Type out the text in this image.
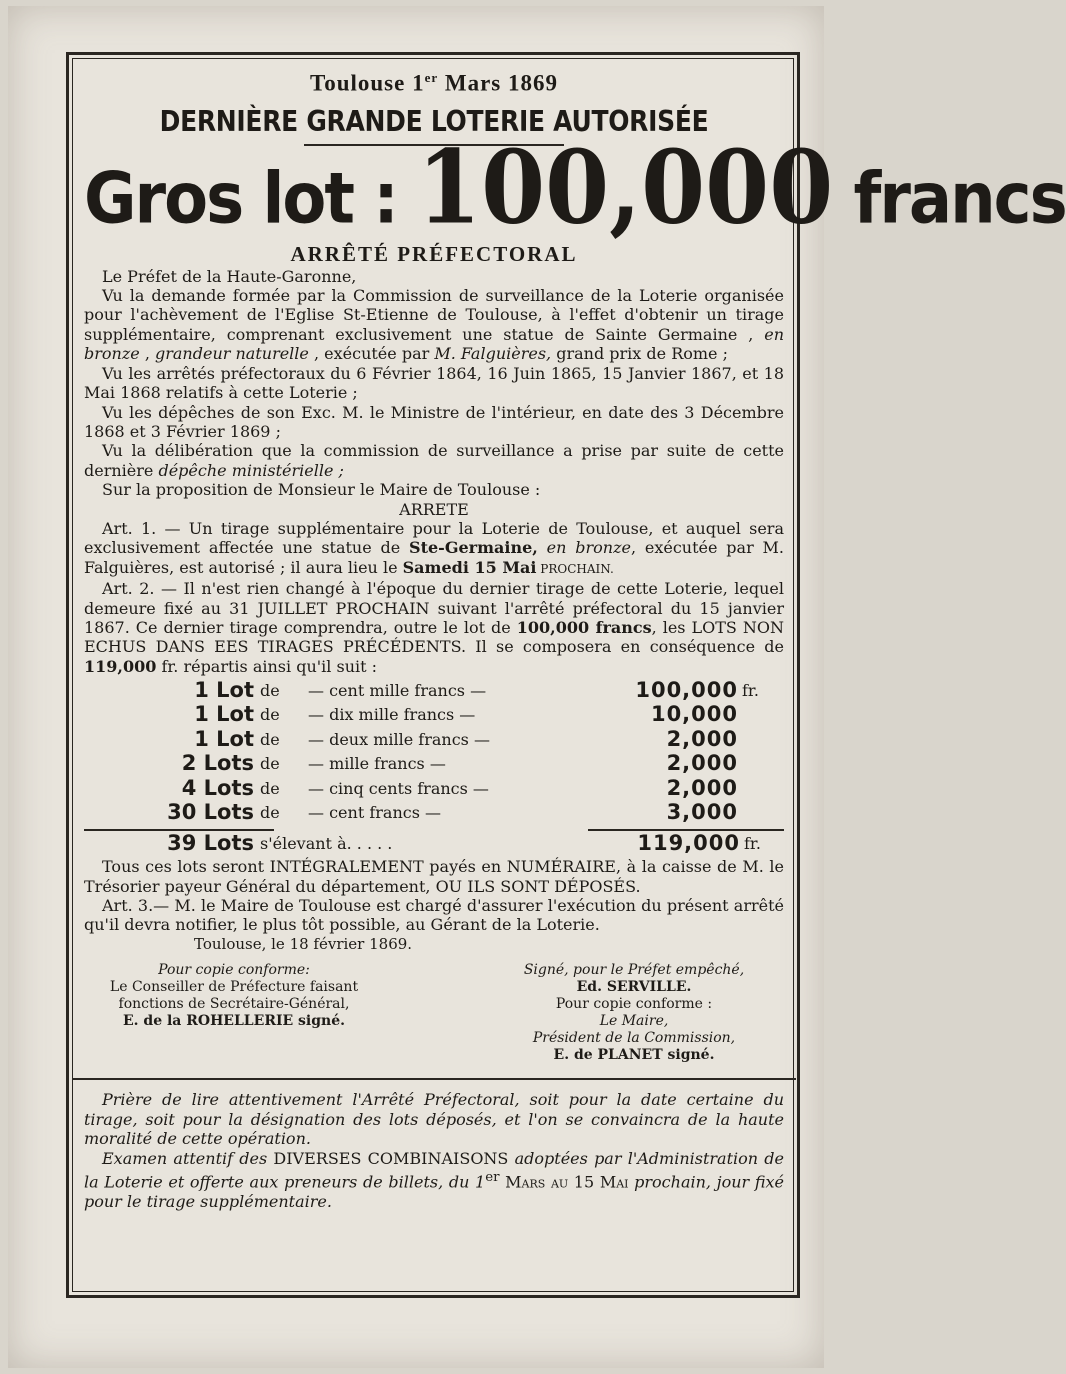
Toulouse 1er Mars 1869
DERNIÈRE GRANDE LOTERIE AUTORISÉE
Gros lot : 100,000 francs
ARRÊTÉ PRÉFECTORAL

Le Préfet de la Haute-Garonne,

Vu la demande formée par la Commission de surveillance de la Loterie organisée pour l'achèvement de l'Eglise St-Etienne de Toulouse, à l'effet d'obtenir un tirage supplémentaire, comprenant exclusivement une statue de Sainte Germaine , en bronze , grandeur naturelle , exécutée par M. Falguières, grand prix de Rome ;

Vu les arrêtés préfectoraux du 6 Février 1864, 16 Juin 1865, 15 Janvier 1867, et 18 Mai 1868 relatifs à cette Loterie ;

Vu les dépêches de son Exc. M. le Ministre de l'intérieur, en date des 3 Décembre 1868 et 3 Février 1869 ;

Vu la délibération que la commission de surveillance a prise par suite de cette dernière dépêche ministérielle ;

Sur la proposition de Monsieur le Maire de Toulouse :

ARRETE

Art. 1. — Un tirage supplémentaire pour la Loterie de Toulouse, et auquel sera exclusivement affectée une statue de Ste-Germaine, en bronze, exécutée par M. Falguières, est autorisé ; il aura lieu le Samedi 15 Mai PROCHAIN.

Art. 2. — Il n'est rien changé à l'époque du dernier tirage de cette Loterie, lequel demeure fixé au 31 JUILLET PROCHAIN suivant l'arrêté préfectoral du 15 janvier 1867. Ce dernier tirage comprendra, outre le lot de 100,000 francs, les LOTS NON ECHUS DANS EES TIRAGES PRÉCÉDENTS. Il se composera en conséquence de 119,000 fr. répartis ainsi qu'il suit :

1 Lot de	— cent mille francs —	100,000 fr.
1 Lot de	— dix mille francs —	10,000
1 Lot de	— deux mille francs —	2,000
2 Lots de	— mille francs —	2,000
4 Lots de	— cinq cents francs —	2,000
30 Lots de	— cent francs —	3,000
39 Lots s'élevant à. . . . .	119,000 fr.

Tous ces lots seront INTÉGRALEMENT payés en NUMÉRAIRE, à la caisse de M. le Trésorier payeur Général du département, OU ILS SONT DÉPOSÉS.

Art. 3.— M. le Maire de Toulouse est chargé d'assurer l'exécution du présent arrêté qu'il devra notifier, le plus tôt possible, au Gérant de la Loterie.

Toulouse, le 18 février 1869.

Pour copie conforme:
Le Conseiller de Préfecture faisant
fonctions de Secrétaire-Général,
E. de la ROHELLERIE signé.
Signé, pour le Préfet empêché,
Ed. SERVILLE.
Pour copie conforme :
Le Maire,
Président de la Commission,
E. de PLANET signé.

Prière de lire attentivement l'Arrêté Préfectoral, soit pour la date certaine du tirage, soit pour la désignation des lots déposés, et l'on se convaincra de la haute moralité de cette opération.

Examen attentif des DIVERSES COMBINAISONS adoptées par l'Administration de la Loterie et offerte aux preneurs de billets, du 1er Mars au 15 Mai prochain, jour fixé pour le tirage supplémentaire.
